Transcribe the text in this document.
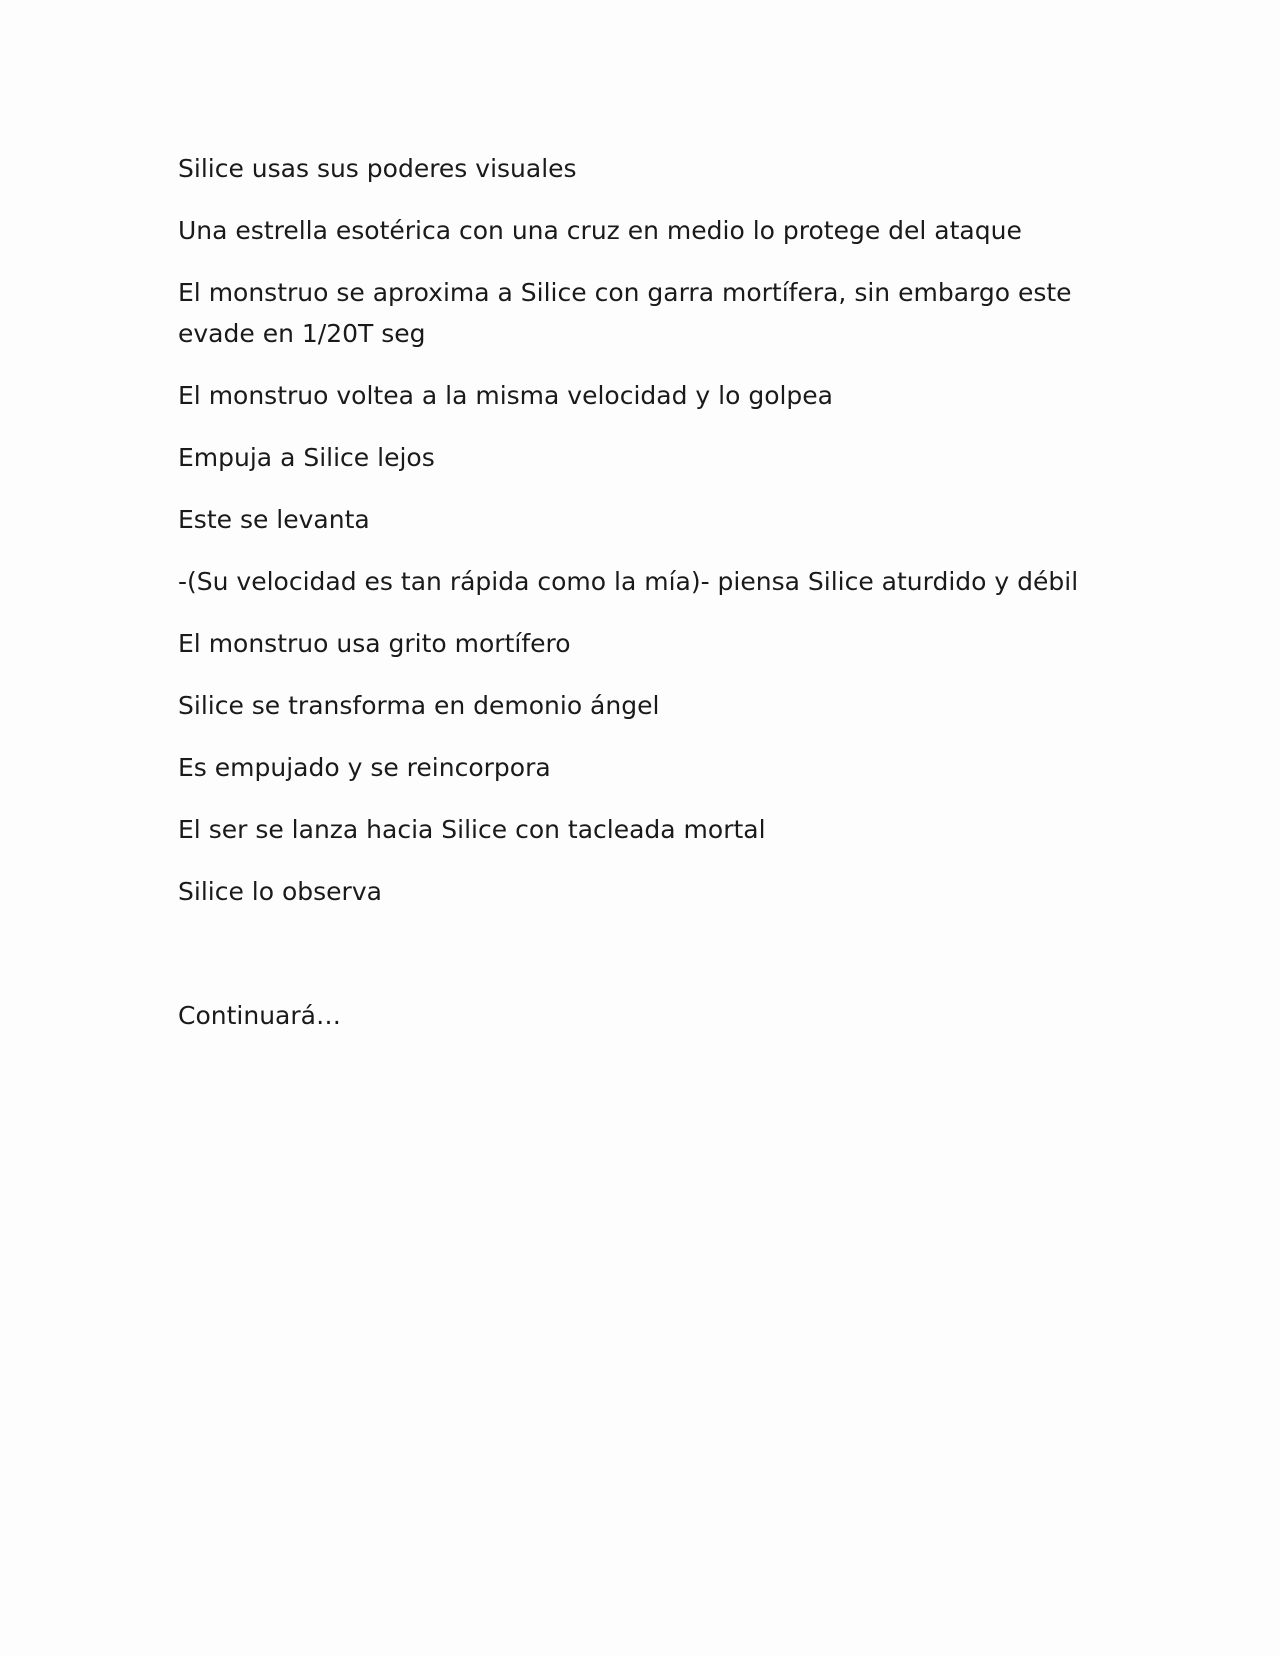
Silice usas sus poderes visuales

Una estrella esotérica con una cruz en medio lo protege del ataque

El monstruo se aproxima a Silice con garra mortífera, sin embargo este evade en 1/20T seg

El monstruo voltea a la misma velocidad y lo golpea

Empuja a Silice lejos

Este se levanta

-(Su velocidad es tan rápida como la mía)- piensa Silice aturdido y débil

El monstruo usa grito mortífero

Silice se transforma en demonio ángel

Es empujado y se reincorpora

El ser se lanza hacia Silice con tacleada mortal

Silice lo observa

Continuará…
